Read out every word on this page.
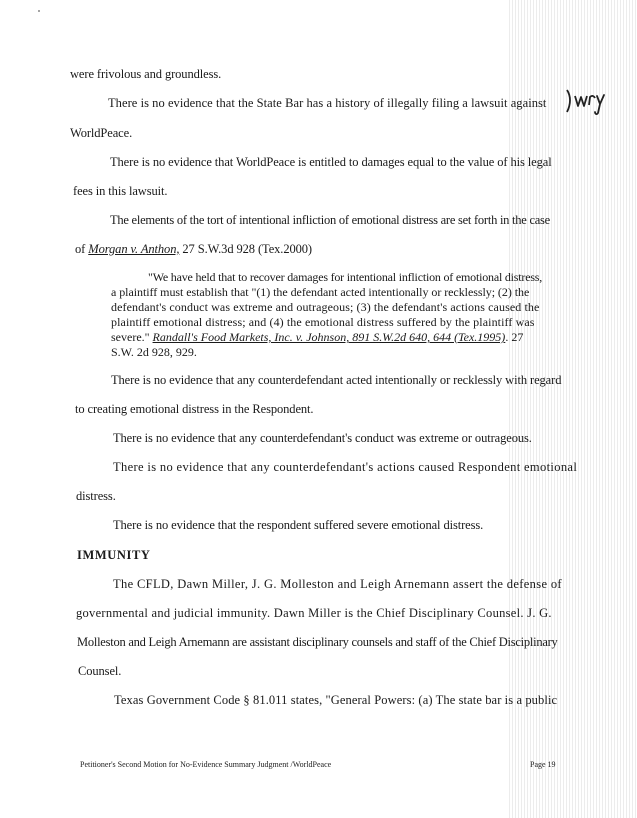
were frivolous and groundless.
There is no evidence that the State Bar has a history of illegally filing a lawsuit against
WorldPeace.
There is no evidence that WorldPeace is entitled to damages equal to the value of his legal
fees in this lawsuit.
The elements of the tort of intentional infliction of emotional distress are set forth in the case
of Morgan v. Anthon, 27 S.W.3d 928 (Tex.2000)
"We have held that to recover damages for intentional infliction of emotional distress,
a plaintiff must establish that "(1) the defendant acted intentionally or recklessly; (2) the
defendant's conduct was extreme and outrageous; (3) the defendant's actions caused the
plaintiff emotional distress; and (4) the emotional distress suffered by the plaintiff was
severe." Randall's Food Markets, Inc. v. Johnson, 891 S.W.2d 640, 644 (Tex.1995). 27
S.W. 2d 928, 929.
There is no evidence that any counterdefendant acted intentionally or recklessly with regard
to creating emotional distress in the Respondent.
There is no evidence that any counterdefendant's conduct was extreme or outrageous.
There is no evidence that any counterdefendant's actions caused Respondent emotional
distress.
There is no evidence that the respondent suffered severe emotional distress.
IMMUNITY
The CFLD, Dawn Miller, J. G. Molleston and Leigh Arnemann assert the defense of
governmental and judicial immunity. Dawn Miller is the Chief Disciplinary Counsel. J. G.
Molleston and Leigh Arnemann are assistant disciplinary counsels and staff of the Chief Disciplinary
Counsel.
Texas Government Code § 81.011 states, "General Powers: (a) The state bar is a public
Petitioner's Second Motion for No-Evidence Summary Judgment /WorldPeace	Page 19
